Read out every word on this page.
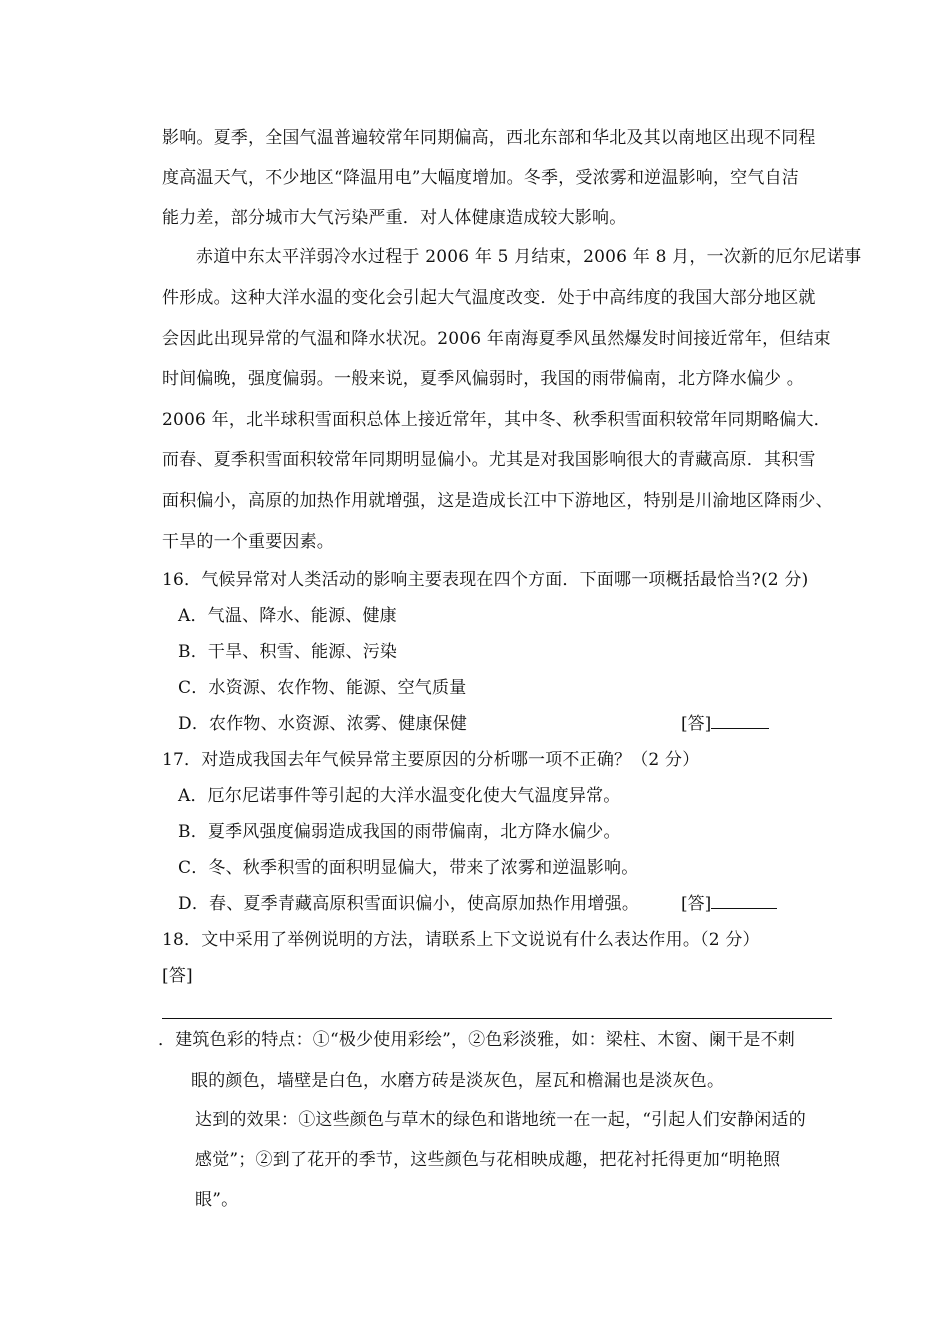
影响。夏季，全国气温普遍较常年同期偏高，西北东部和华北及其以南地区出现不同程
度高温天气，不少地区“降温用电”大幅度增加。冬季，受浓雾和逆温影响，空气自洁
能力差，部分城市大气污染严重．对人体健康造成较大影响。
赤道中东太平洋弱冷水过程于 2006 年 5 月结束，2006 年 8 月，一次新的厄尔尼诺事
件形成。这种大洋水温的变化会引起大气温度改变．处于中高纬度的我国大部分地区就
会因此出现异常的气温和降水状况。2006 年南海夏季风虽然爆发时间接近常年，但结束
时间偏晚，强度偏弱。一般来说，夏季风偏弱时，我国的雨带偏南，北方降水偏少 。
2006 年，北半球积雪面积总体上接近常年，其中冬、秋季积雪面积较常年同期略偏大．
而春、夏季积雪面积较常年同期明显偏小。尤其是对我国影响很大的青藏高原．其积雪
面积偏小，高原的加热作用就增强，这是造成长江中下游地区，特别是川渝地区降雨少、
干旱的一个重要因素。
16．气候异常对人类活动的影响主要表现在四个方面．下面哪一项概括最恰当?(2 分)
A．气温、降水、能源、健康
B．干旱、积雪、能源、污染
C．水资源、农作物、能源、空气质量
D．农作物、水资源、浓雾、健康保健	[答]
17．对造成我国去年气候异常主要原因的分析哪一项不正确？（2 分）
A．厄尔尼诺事件等引起的大洋水温变化使大气温度异常。
B．夏季风强度偏弱造成我国的雨带偏南，北方降水偏少。
C．冬、秋季积雪的面积明显偏大，带来了浓雾和逆温影响。
D．春、夏季青藏高原积雪面识偏小，使高原加热作用增强。 [答]
18．文中采用了举例说明的方法，请联系上下文说说有什么表达作用。（2 分）
[答]
．建筑色彩的特点：①“极少使用彩绘”，②色彩淡雅，如：梁柱、木窗、阑干是不刺
眼的颜色，墙壁是白色，水磨方砖是淡灰色，屋瓦和檐漏也是淡灰色。
达到的效果：①这些颜色与草木的绿色和谐地统一在一起，“引起人们安静闲适的
感觉”；②到了花开的季节，这些颜色与花相映成趣，把花衬托得更加“明艳照
眼”。
